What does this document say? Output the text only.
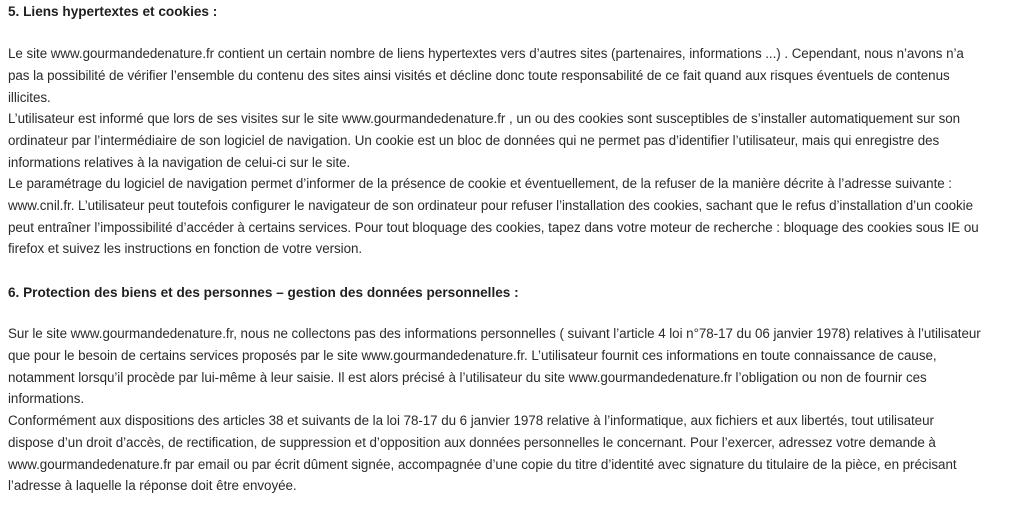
5. Liens hypertextes et cookies :

Le site www.gourmandedenature.fr contient un certain nombre de liens hypertextes vers d’autres sites (partenaires, informations ...) . Cependant, nous n’avons n’a
pas la possibilité de vérifier l’ensemble du contenu des sites ainsi visités et décline donc toute responsabilité de ce fait quand aux risques éventuels de contenus
illicites.

L’utilisateur est informé que lors de ses visites sur le site www.gourmandedenature.fr , un ou des cookies sont susceptibles de s’installer automatiquement sur son
ordinateur par l’intermédiaire de son logiciel de navigation. Un cookie est un bloc de données qui ne permet pas d’identifier l’utilisateur, mais qui enregistre des
informations relatives à la navigation de celui-ci sur le site.

Le paramétrage du logiciel de navigation permet d’informer de la présence de cookie et éventuellement, de la refuser de la manière décrite à l’adresse suivante :
www.cnil.fr. L’utilisateur peut toutefois configurer le navigateur de son ordinateur pour refuser l’installation des cookies, sachant que le refus d’installation d’un cookie
peut entraîner l’impossibilité d’accéder à certains services. Pour tout bloquage des cookies, tapez dans votre moteur de recherche : bloquage des cookies sous IE ou
firefox et suivez les instructions en fonction de votre version.

6. Protection des biens et des personnes – gestion des données personnelles :

Sur le site www.gourmandedenature.fr, nous ne collectons pas des informations personnelles ( suivant l’article 4 loi n°78-17 du 06 janvier 1978) relatives à l’utilisateur
que pour le besoin de certains services proposés par le site www.gourmandedenature.fr. L’utilisateur fournit ces informations en toute connaissance de cause,
notamment lorsqu’il procède par lui-même à leur saisie. Il est alors précisé à l’utilisateur du site www.gourmandedenature.fr l’obligation ou non de fournir ces
informations.

Conformément aux dispositions des articles 38 et suivants de la loi 78-17 du 6 janvier 1978 relative à l’informatique, aux fichiers et aux libertés, tout utilisateur
dispose d’un droit d’accès, de rectification, de suppression et d’opposition aux données personnelles le concernant. Pour l’exercer, adressez votre demande à
www.gourmandedenature.fr par email ou par écrit dûment signée, accompagnée d’une copie du titre d’identité avec signature du titulaire de la pièce, en précisant
l’adresse à laquelle la réponse doit être envoyée.
